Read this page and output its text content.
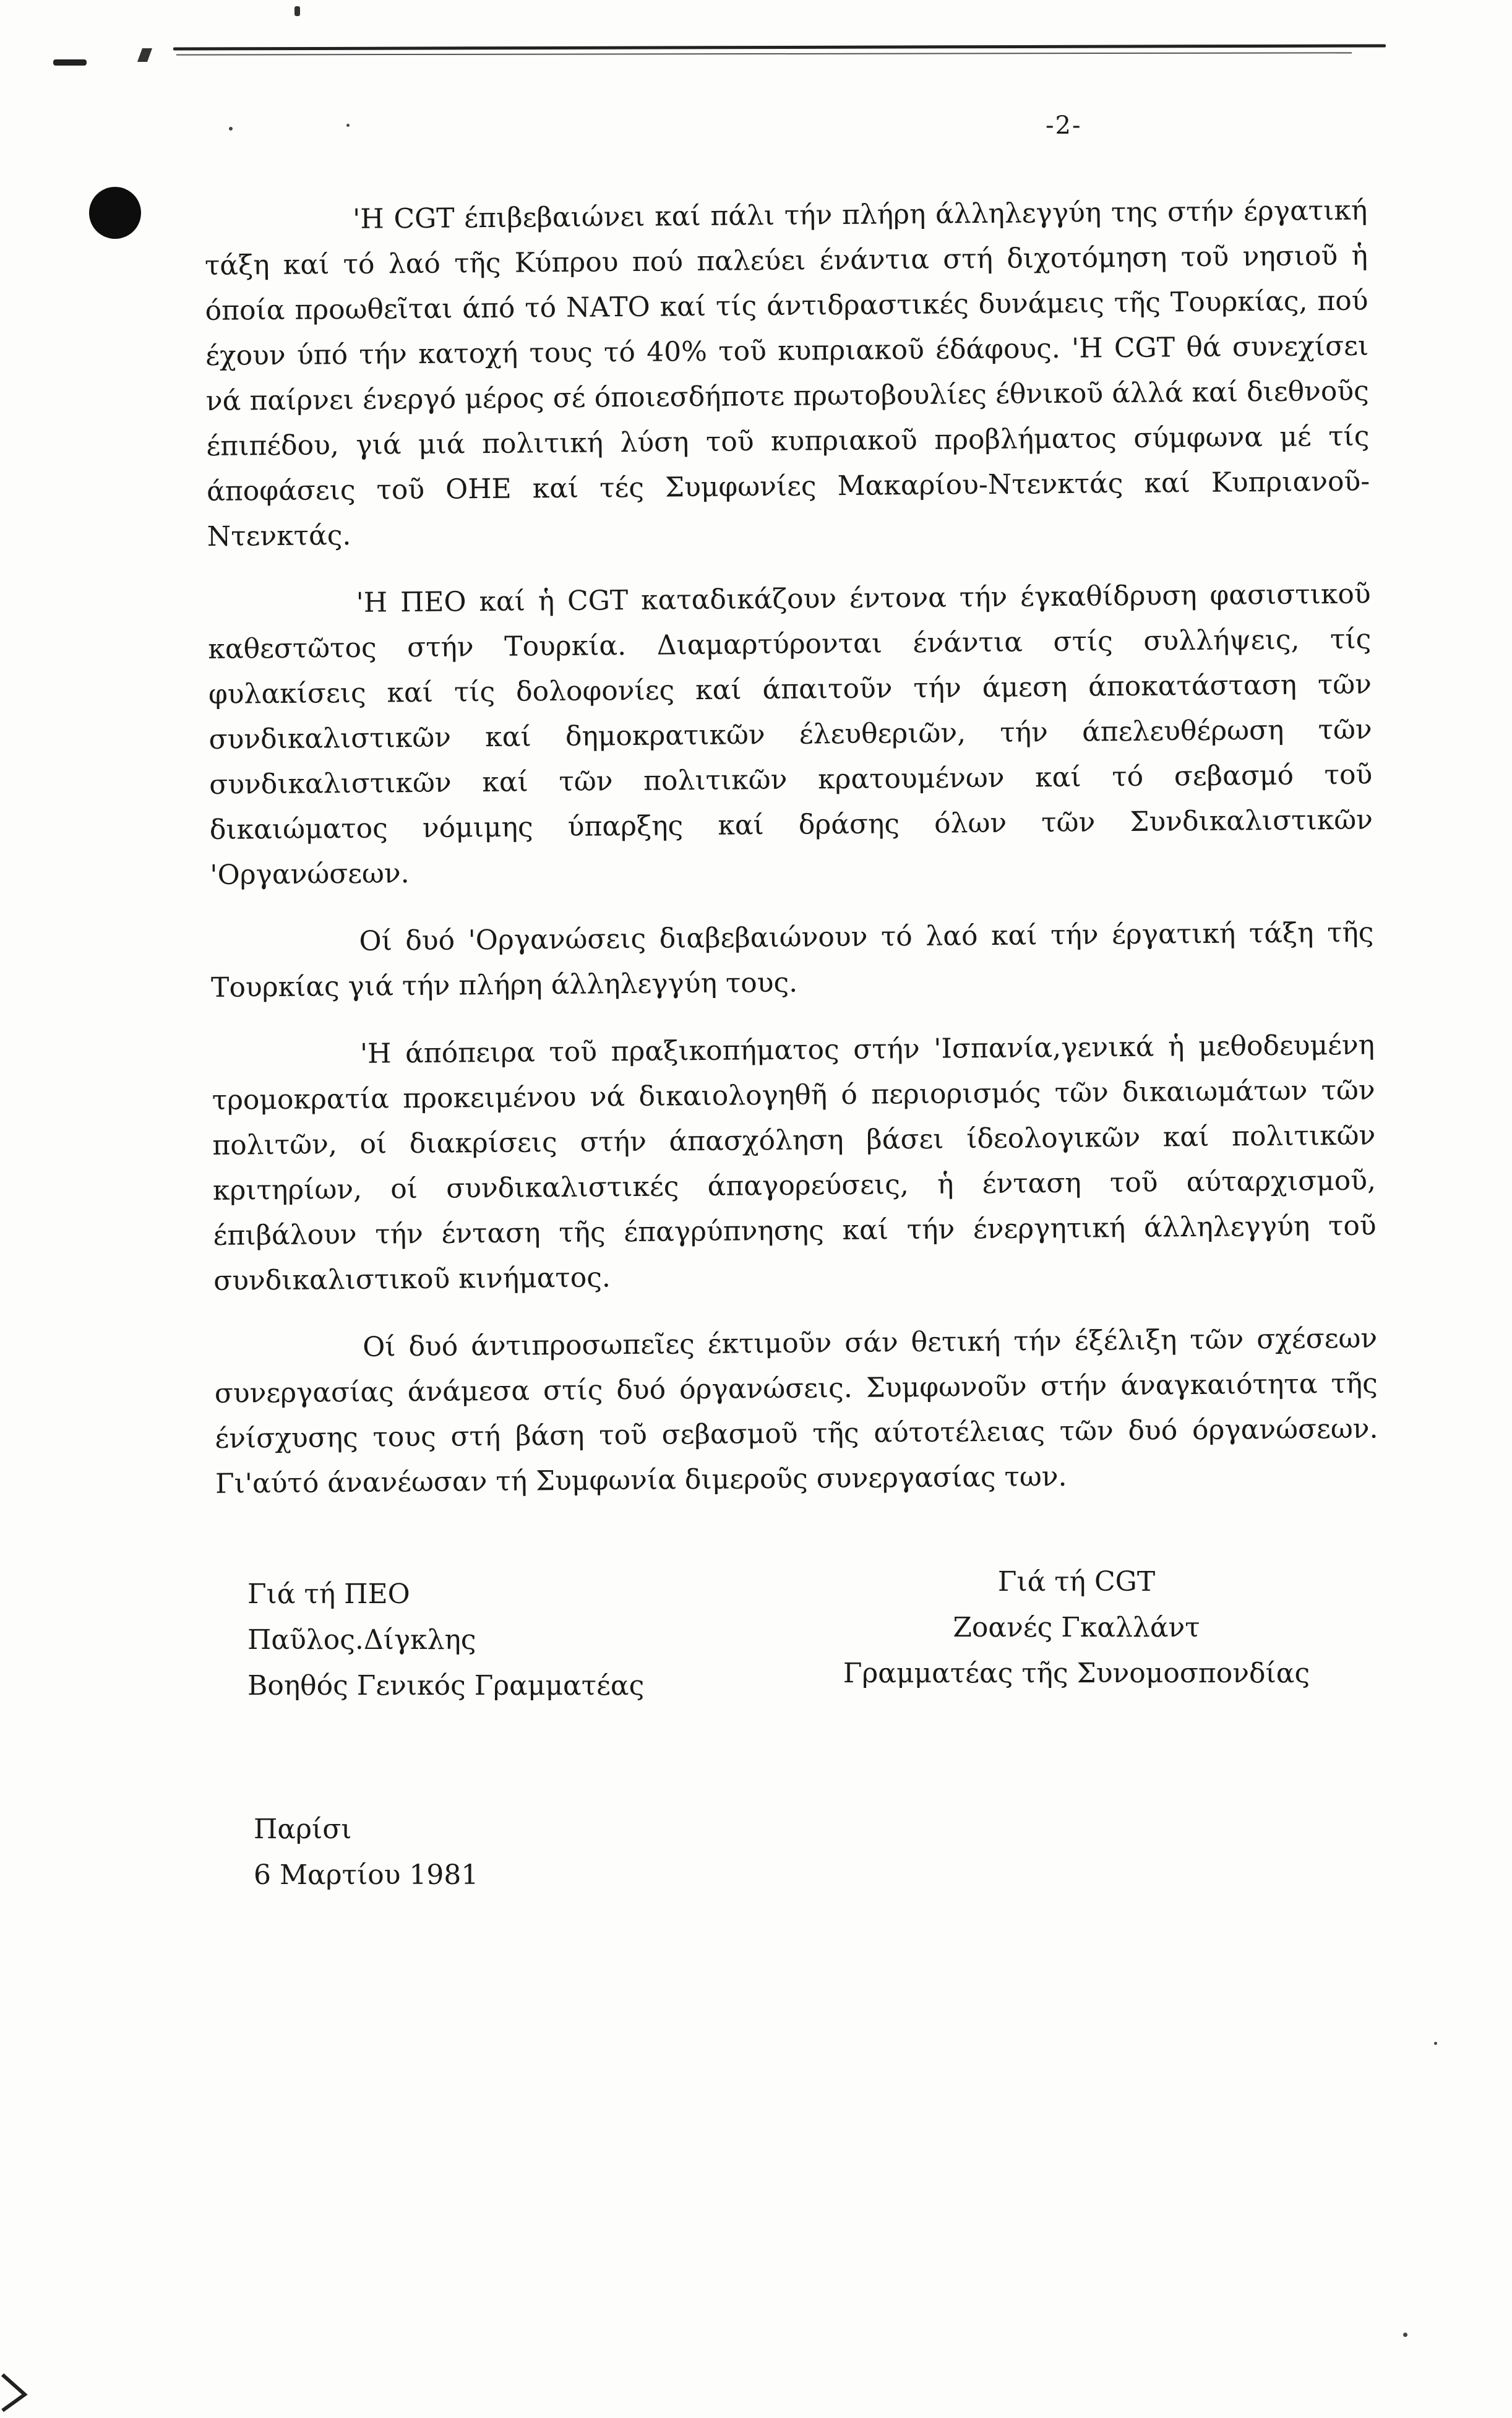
-2-

'Η CGT έπιβεβαιώνει καί πάλι τήν πλήρη άλληλεγγύη της στήν έργατική τάξη καί τό λαό τῆς Κύπρου πού παλεύει ένάντια στή διχοτόμηση τοῦ νησιοῦ ἡ όποία προωθεῖται άπό τό ΝΑΤΟ καί τίς άντιδραστικές δυνάμεις τῆς Τουρκίας, πού έχουν ύπό τήν κατοχή τους τό 40% τοῦ κυπριακοῦ έδάφους. 'Η CGT θά συνεχίσει νά παίρνει ένεργό μέρος σέ όποιεσδήποτε πρωτοβουλίες έθνικοῦ άλλά καί διεθνοῦς έπιπέδου, γιά μιά πολιτική λύση τοῦ κυπριακοῦ προβλήματος σύμφωνα μέ τίς άποφάσεις τοῦ ΟΗΕ καί τές Συμφωνίες Μακαρίου-Ντενκτάς καί Κυπριανοῦ-Ντενκτάς.

'Η ΠΕΟ καί ἡ CGT καταδικάζουν έντονα τήν έγκαθίδρυση φασιστικοῦ καθεστῶτος στήν Τουρκία. Διαμαρτύρονται ένάντια στίς συλλήψεις, τίς φυλακίσεις καί τίς δολοφονίες καί άπαιτοῦν τήν άμεση άποκατάσταση τῶν συνδικαλιστικῶν καί δημοκρατικῶν έλευθεριῶν, τήν άπελευθέρωση τῶν συνδικαλιστικῶν καί τῶν πολιτικῶν κρατουμένων καί τό σεβασμό τοῦ δικαιώματος νόμιμης ύπαρξης καί δράσης όλων τῶν Συνδικαλιστικῶν 'Οργανώσεων.

Οί δυό 'Οργανώσεις διαβεβαιώνουν τό λαό καί τήν έργατική τάξη τῆς Τουρκίας γιά τήν πλήρη άλληλεγγύη τους.

'Η άπόπειρα τοῦ πραξικοπήματος στήν 'Ισπανία,γενικά ἡ μεθοδευμένη τρομοκρατία προκειμένου νά δικαιολογηθῆ ό περιορισμός τῶν δικαιωμάτων τῶν πολιτῶν, οί διακρίσεις στήν άπασχόληση βάσει ίδεολογικῶν καί πολιτικῶν κριτηρίων, οί συνδικαλιστικές άπαγορεύσεις, ἡ ένταση τοῦ αύταρχισμοῦ, έπιβάλουν τήν ένταση τῆς έπαγρύπνησης καί τήν ένεργητική άλληλεγγύη τοῦ συνδικαλιστικοῦ κινήματος.

Οί δυό άντιπροσωπεῖες έκτιμοῦν σάν θετική τήν έξέλιξη τῶν σχέσεων συνεργασίας άνάμεσα στίς δυό όργανώσεις. Συμφωνοῦν στήν άναγκαιότητα τῆς ένίσχυσης τους στή βάση τοῦ σεβασμοῦ τῆς αύτοτέλειας τῶν δυό όργανώσεων. Γι'αύτό άνανέωσαν τή Συμφωνία διμεροῦς συνεργασίας των.

Γιά τή ΠΕΟ
Παῦλος.Δίγκλης
Βοηθός Γενικός Γραμματέας
Γιά τή CGT
Ζοανές Γκαλλάντ
Γραμματέας τῆς Συνομοσπονδίας
Παρίσι
6 Μαρτίου 1981
